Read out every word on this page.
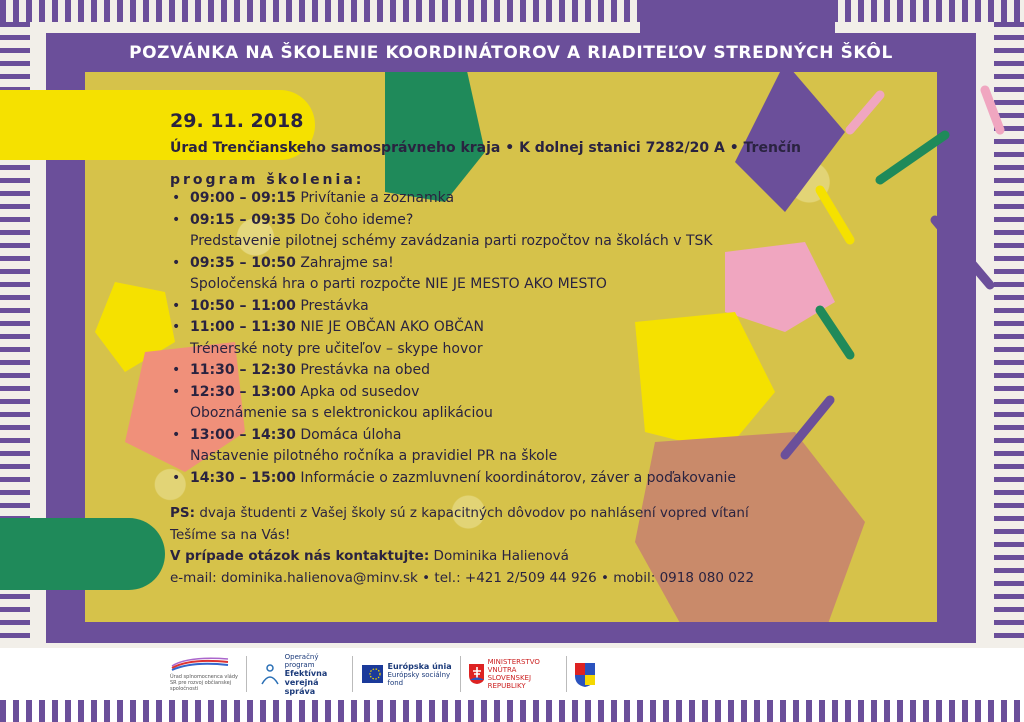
POZVÁNKA NA ŠKOLENIE KOORDINÁTOROV A RIADITEĽOV STREDNÝCH ŠKÔL

29. 11. 2018

Úrad Trenčianskeho samosprávneho kraja • K dolnej stanici 7282/20 A • Trenčín

program školenia:

• 09:00 – 09:15 Privítanie a zoznamka
• 09:15 – 09:35 Do čoho ideme?
Predstavenie pilotnej schémy zavádzania parti rozpočtov na školách v TSK
• 09:35 – 10:50 Zahrajme sa!
Spoločenská hra o parti rozpočte NIE JE MESTO AKO MESTO
• 10:50 – 11:00 Prestávka
• 11:00 – 11:30 NIE JE OBČAN AKO OBČAN
Trénerské noty pre učiteľov – skype hovor
• 11:30 – 12:30 Prestávka na obed
• 12:30 – 13:00 Apka od susedov
Oboznámenie sa s elektronickou aplikáciou
• 13:00 – 14:30 Domáca úloha
Nastavenie pilotného ročníka a pravidiel PR na škole
• 14:30 – 15:00 Informácie o zazmluvnení koordinátorov, záver a poďakovanie
PS: dvaja študenti z Vašej školy sú z kapacitných dôvodov po nahlásení vopred vítaní
Tešíme sa na Vás!
V prípade otázok nás kontaktujte: Dominika Halienová
e-mail: dominika.halienova@minv.sk • tel.: +421 2/509 44 926 • mobil: 0918 080 022
Úrad splnomocnenca vlády SR pre rozvoj občianskej spoločnosti
Operačný program
Efektívna
verejná správa
Európska únia
Európsky sociálny fond
MINISTERSTVO
VNÚTRA
SLOVENSKEJ REPUBLIKY
